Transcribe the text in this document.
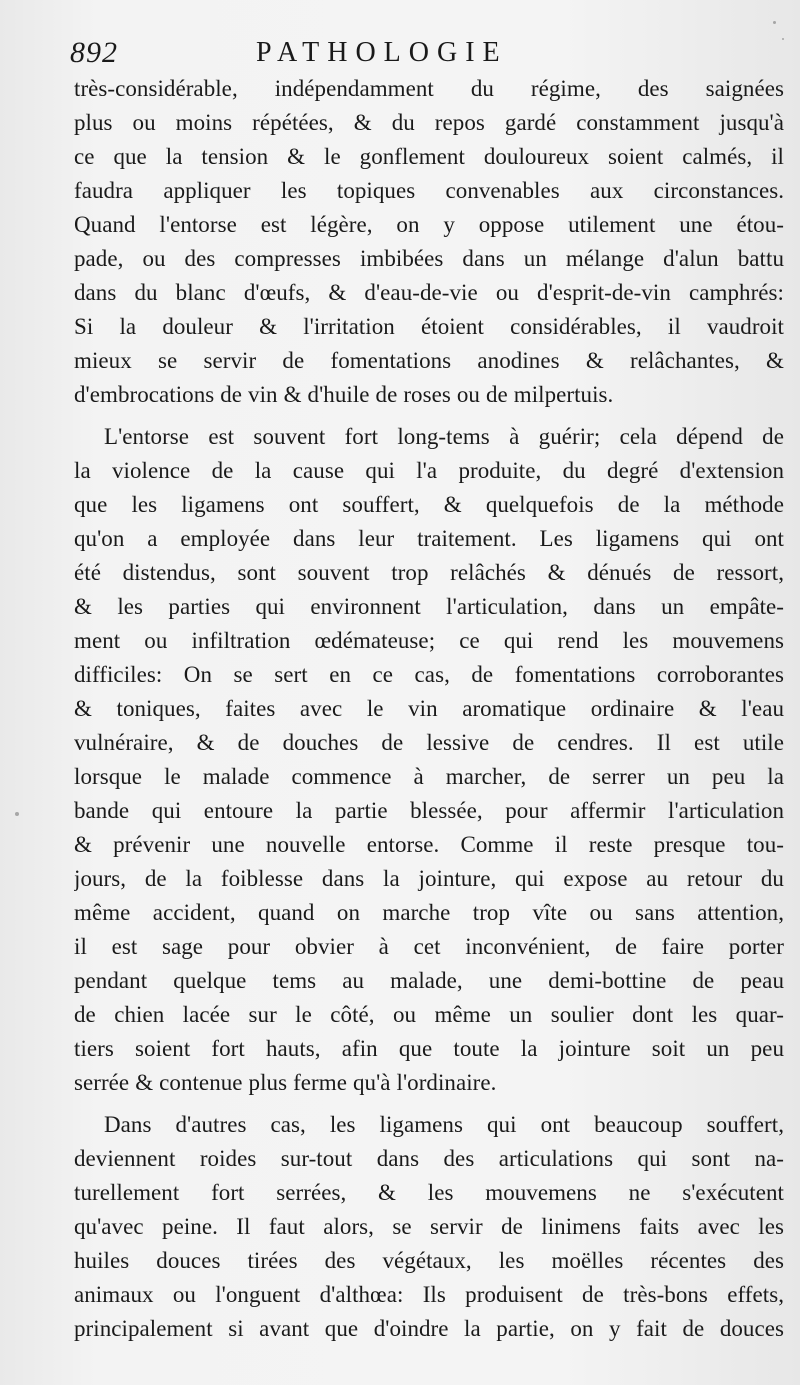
892	PATHOLOGIE
très-considérable, indépendamment du régime, des saignées
plus ou moins répétées, & du repos gardé constamment jusqu'à
ce que la tension & le gonflement douloureux soient calmés, il
faudra appliquer les topiques convenables aux circonstances.
Quand l'entorse est légère, on y oppose utilement une étou-
pade, ou des compresses imbibées dans un mélange d'alun battu
dans du blanc d'œufs, & d'eau-de-vie ou d'esprit-de-vin camphrés:
Si la douleur & l'irritation étoient considérables, il vaudroit
mieux se servir de fomentations anodines & relâchantes, &
d'embrocations de vin & d'huile de roses ou de milpertuis.
L'entorse est souvent fort long-tems à guérir; cela dépend de
la violence de la cause qui l'a produite, du degré d'extension
que les ligamens ont souffert, & quelquefois de la méthode
qu'on a employée dans leur traitement. Les ligamens qui ont
été distendus, sont souvent trop relâchés & dénués de ressort,
& les parties qui environnent l'articulation, dans un empâte-
ment ou infiltration œdémateuse; ce qui rend les mouvemens
difficiles: On se sert en ce cas, de fomentations corroborantes
& toniques, faites avec le vin aromatique ordinaire & l'eau
vulnéraire, & de douches de lessive de cendres. Il est utile
lorsque le malade commence à marcher, de serrer un peu la
bande qui entoure la partie blessée, pour affermir l'articulation
& prévenir une nouvelle entorse. Comme il reste presque tou-
jours, de la foiblesse dans la jointure, qui expose au retour du
même accident, quand on marche trop vîte ou sans attention,
il est sage pour obvier à cet inconvénient, de faire porter
pendant quelque tems au malade, une demi-bottine de peau
de chien lacée sur le côté, ou même un soulier dont les quar-
tiers soient fort hauts, afin que toute la jointure soit un peu
serrée & contenue plus ferme qu'à l'ordinaire.
Dans d'autres cas, les ligamens qui ont beaucoup souffert,
deviennent roides sur-tout dans des articulations qui sont na-
turellement fort serrées, & les mouvemens ne s'exécutent
qu'avec peine. Il faut alors, se servir de linimens faits avec les
huiles douces tirées des végétaux, les moëlles récentes des
animaux ou l'onguent d'althœa: Ils produisent de très-bons effets,
principalement si avant que d'oindre la partie, on y fait de douces
